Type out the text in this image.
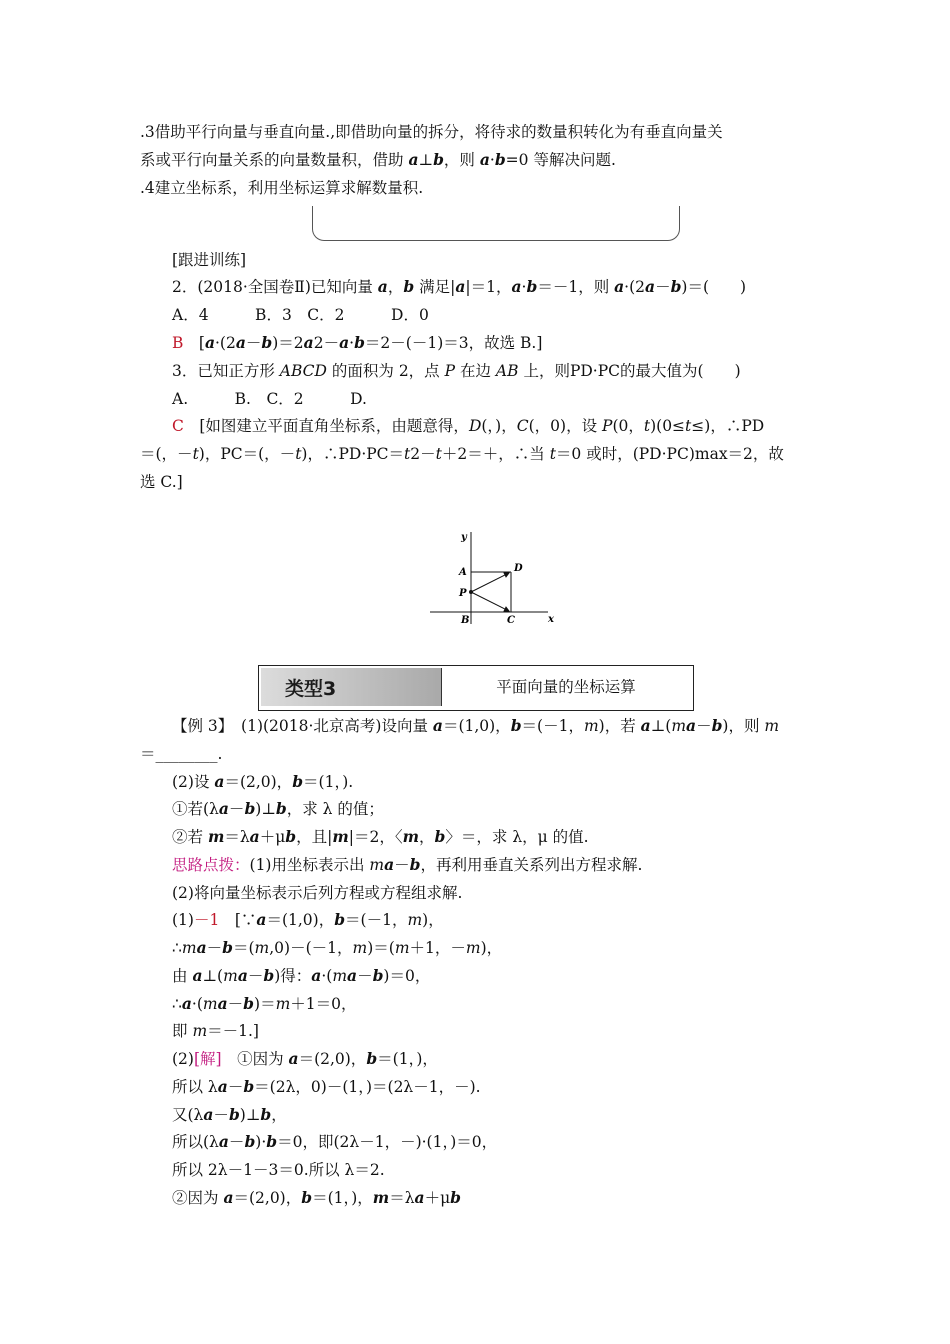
.3借助平行向量与垂直向量.,即借助向量的拆分，将待求的数量积转化为有垂直向量关
系或平行向量关系的向量数量积，借助 a⊥b，则 a·b=0 等解决问题.
.4建立坐标系，利用坐标运算求解数量积.
[跟进训练]
2．(2018·全国卷Ⅱ)已知向量 a，b 满足|a|＝1，a·b＝－1，则 a·(2a－b)＝(　　)
A．4　　　B．3　C．2　　　D．0
B　[a·(2a－b)＝2a2－a·b＝2－(－1)＝3，故选 B.]
3．已知正方形 ABCD 的面积为 2，点 P 在边 AB 上，则PD·PC的最大值为(　　)
A.　　　B.　C．2　　　D.
C　[如图建立平面直角坐标系，由题意得，D(，)，C(，0)，设 P(0，t)(0≤t≤)，∴PD
＝(，－t)，PC＝(，－t)，∴PD·PC＝t2－t＋2＝＋，∴当 t＝0 或时，(PD·PC)max＝2，故
选 C.]
y
x
A
P
B	C
D
类型3	平面向量的坐标运算
【例 3】　(1)(2018·北京高考)设向量 a＝(1,0)，b＝(－1，m)，若 a⊥(ma－b)，则 m
＝________.
(2)设 a＝(2,0)，b＝(1，).
①若(λa－b)⊥b，求 λ 的值；
②若 m＝λa＋μb，且|m|＝2，〈m，b〉＝，求 λ，μ 的值.
思路点拨：(1)用坐标表示出 ma－b，再利用垂直关系列出方程求解.
(2)将向量坐标表示后列方程或方程组求解.
(1)－1　[∵a＝(1,0)，b＝(－1，m)，
∴ma－b＝(m,0)－(－1，m)＝(m＋1，－m)，
由 a⊥(ma－b)得：a·(ma－b)＝0，
∴a·(ma－b)＝m＋1＝0，
即 m＝－1.]
(2)[解]　①因为 a＝(2,0)，b＝(1，)，
所以 λa－b＝(2λ，0)－(1，)＝(2λ－1，－).
又(λa－b)⊥b，
所以(λa－b)·b＝0，即(2λ－1，－)·(1，)＝0，
所以 2λ－1－3＝0.所以 λ＝2.
②因为 a＝(2,0)，b＝(1，)，m＝λa＋μb
